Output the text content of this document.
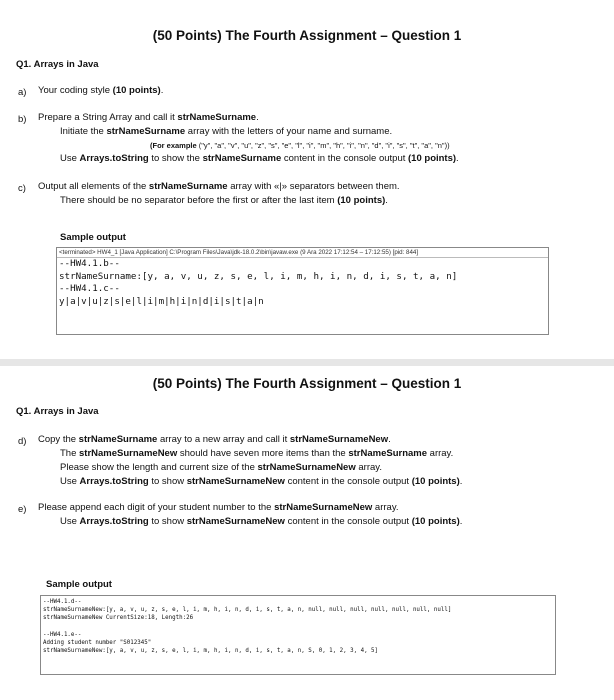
(50 Points) The Fourth Assignment – Question 1
Q1. Arrays in Java
a) Your coding style (10 points).
b) Prepare a String Array and call it strNameSurname.
Initiate the strNameSurname array with the letters of your name and surname.
(For example ("y", "a", "v", "u", "z", "s", "e", "l", "i", "m", "h", "i", "n", "d", "i", "s", "t", "a", "n"))
Use Arrays.toString to show the strNameSurname content in the console output (10 points).
c) Output all elements of the strNameSurname array with «|» separators between them.
There should be no separator before the first or after the last item (10 points).
Sample output
<terminated> HW4_1 [Java Application] C:\Program Files\Java\jdk-18.0.2\bin\javaw.exe (9 Ara 2022 17:12:54 – 17:12:55) [pid: 844]
--HW4.1.b--
strNameSurname:[y, a, v, u, z, s, e, l, i, m, h, i, n, d, i, s, t, a, n]
--HW4.1.c--
y|a|v|u|z|s|e|l|i|m|h|i|n|d|i|s|t|a|n
(50 Points) The Fourth Assignment – Question 1
Q1. Arrays in Java
d) Copy the strNameSurname array to a new array and call it strNameSurnameNew.
The strNameSurnameNew should have seven more items than the strNameSurname array.
Please show the length and current size of the strNameSurnameNew array.
Use Arrays.toString to show strNameSurnameNew content in the console output (10 points).
e) Please append each digit of your student number to the strNameSurnameNew array.
Use Arrays.toString to show strNameSurnameNew content in the console output (10 points).
Sample output
--HW4.1.d--
strNameSurnameNew:[y, a, v, u, z, s, e, l, i, m, h, i, n, d, i, s, t, a, n, null, null, null, null, null, null, null]
strNameSurnameNew CurrentSize:18, Length:26
--HW4.1.e--
Adding student number "S012345"
strNameSurnameNew:[y, a, v, u, z, s, e, l, i, m, h, i, n, d, i, s, t, a, n, S, 0, 1, 2, 3, 4, 5]
